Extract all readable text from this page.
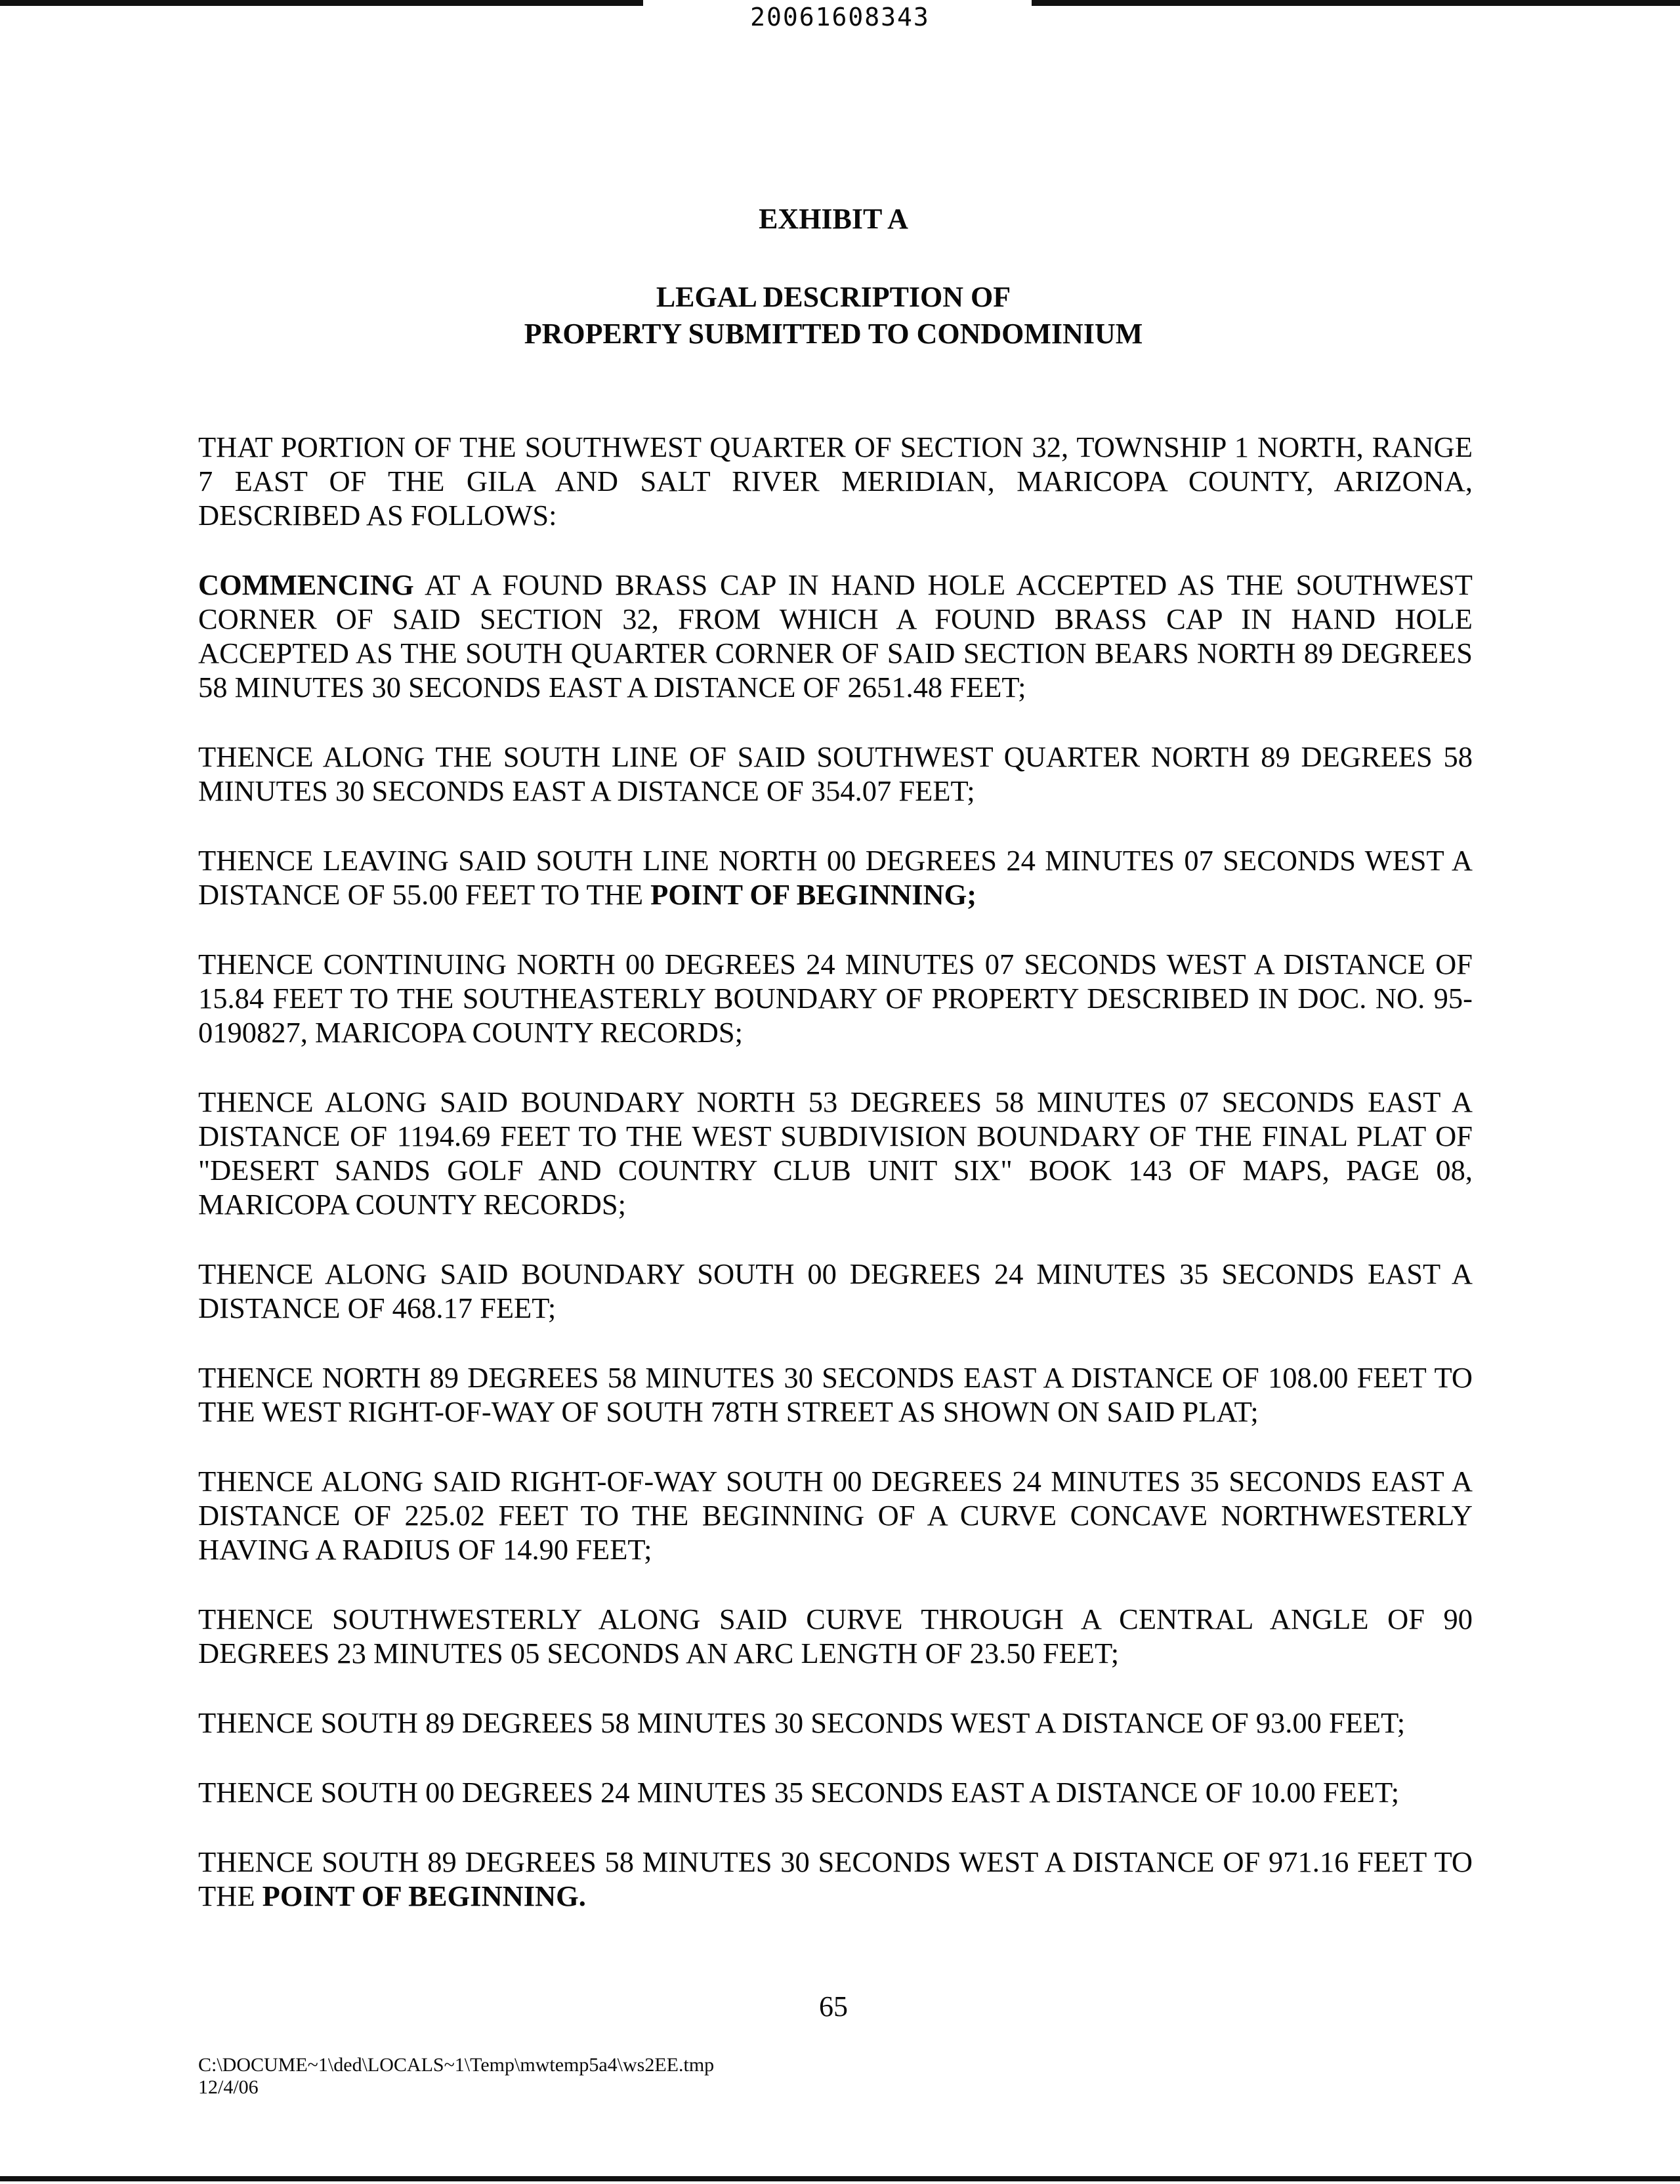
20061608343
EXHIBIT A
LEGAL DESCRIPTION OF
PROPERTY SUBMITTED TO CONDOMINIUM

THAT PORTION OF THE SOUTHWEST QUARTER OF SECTION 32, TOWNSHIP 1 NORTH, RANGE 7 EAST OF THE GILA AND SALT RIVER MERIDIAN, MARICOPA COUNTY, ARIZONA, DESCRIBED AS FOLLOWS:

COMMENCING AT A FOUND BRASS CAP IN HAND HOLE ACCEPTED AS THE SOUTHWEST CORNER OF SAID SECTION 32, FROM WHICH A FOUND BRASS CAP IN HAND HOLE ACCEPTED AS THE SOUTH QUARTER CORNER OF SAID SECTION BEARS NORTH 89 DEGREES 58 MINUTES 30 SECONDS EAST A DISTANCE OF 2651.48 FEET;

THENCE ALONG THE SOUTH LINE OF SAID SOUTHWEST QUARTER NORTH 89 DEGREES 58 MINUTES 30 SECONDS EAST A DISTANCE OF 354.07 FEET;

THENCE LEAVING SAID SOUTH LINE NORTH 00 DEGREES 24 MINUTES 07 SECONDS WEST A DISTANCE OF 55.00 FEET TO THE POINT OF BEGINNING;

THENCE CONTINUING NORTH 00 DEGREES 24 MINUTES 07 SECONDS WEST A DISTANCE OF 15.84 FEET TO THE SOUTHEASTERLY BOUNDARY OF PROPERTY DESCRIBED IN DOC. NO. 95-0190827, MARICOPA COUNTY RECORDS;

THENCE ALONG SAID BOUNDARY NORTH 53 DEGREES 58 MINUTES 07 SECONDS EAST A DISTANCE OF 1194.69 FEET TO THE WEST SUBDIVISION BOUNDARY OF THE FINAL PLAT OF "DESERT SANDS GOLF AND COUNTRY CLUB UNIT SIX" BOOK 143 OF MAPS, PAGE 08, MARICOPA COUNTY RECORDS;

THENCE ALONG SAID BOUNDARY SOUTH 00 DEGREES 24 MINUTES 35 SECONDS EAST A DISTANCE OF 468.17 FEET;

THENCE NORTH 89 DEGREES 58 MINUTES 30 SECONDS EAST A DISTANCE OF 108.00 FEET TO THE WEST RIGHT-OF-WAY OF SOUTH 78TH STREET AS SHOWN ON SAID PLAT;

THENCE ALONG SAID RIGHT-OF-WAY SOUTH 00 DEGREES 24 MINUTES 35 SECONDS EAST A DISTANCE OF 225.02 FEET TO THE BEGINNING OF A CURVE CONCAVE NORTHWESTERLY HAVING A RADIUS OF 14.90 FEET;

THENCE SOUTHWESTERLY ALONG SAID CURVE THROUGH A CENTRAL ANGLE OF 90 DEGREES 23 MINUTES 05 SECONDS AN ARC LENGTH OF 23.50 FEET;

THENCE SOUTH 89 DEGREES 58 MINUTES 30 SECONDS WEST A DISTANCE OF 93.00 FEET;

THENCE SOUTH 00 DEGREES 24 MINUTES 35 SECONDS EAST A DISTANCE OF 10.00 FEET;

THENCE SOUTH 89 DEGREES 58 MINUTES 30 SECONDS WEST A DISTANCE OF 971.16 FEET TO THE POINT OF BEGINNING.

65
C:\DOCUME~1\ded\LOCALS~1\Temp\mwtemp5a4\ws2EE.tmp
12/4/06
